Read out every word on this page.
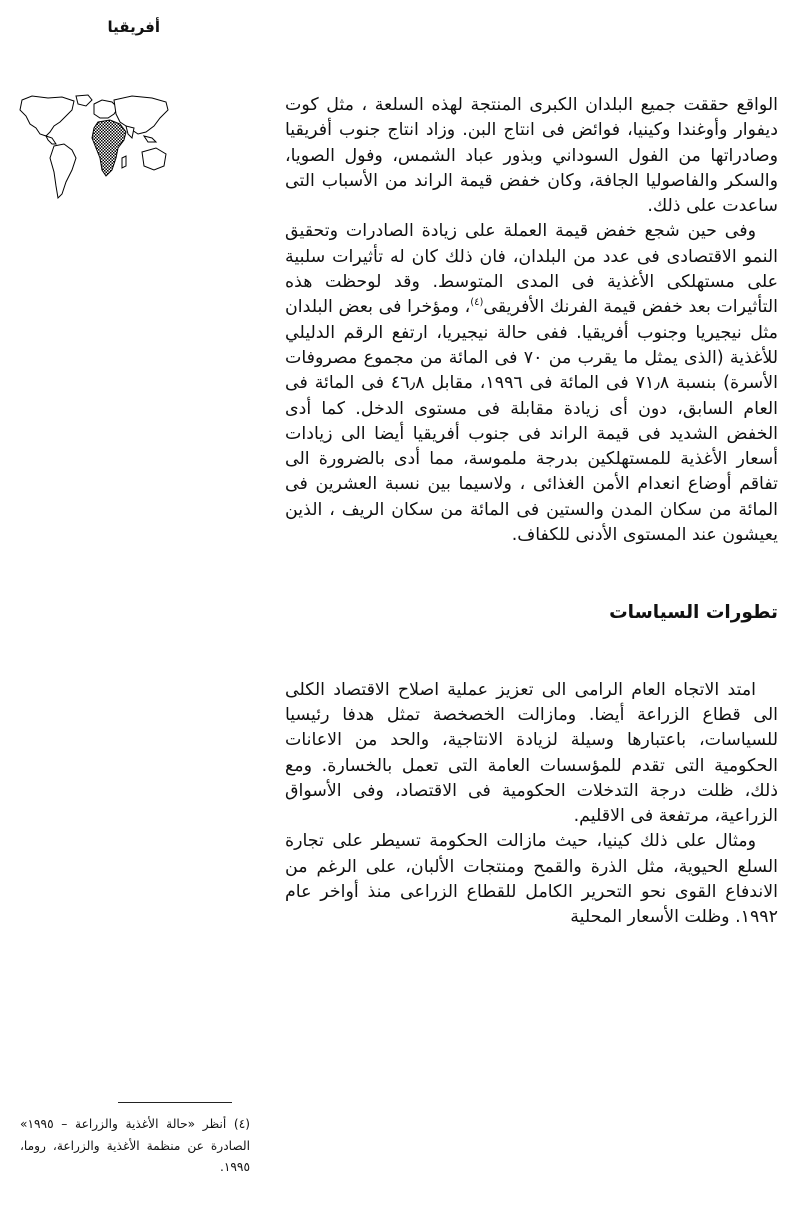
أفريقيا

الواقع حققت جميع البلدان الكبرى المنتجة لهذه السلعة ، مثل كوت ديفوار وأوغندا وكينيا، فوائض فى انتاج البن. وزاد انتاج جنوب أفريقيا وصادراتها من الفول السوداني وبذور عباد الشمس، وفول الصويا، والسكر والفاصوليا الجافة، وكان خفض قيمة الراند من الأسباب التى ساعدت على ذلك.

وفى حين شجع خفض قيمة العملة على زيادة الصادرات وتحقيق النمو الاقتصادى فى عدد من البلدان، فان ذلك كان له تأثيرات سلبية على مستهلكى الأغذية فى المدى المتوسط. وقد لوحظت هذه التأثيرات بعد خفض قيمة الفرنك الأفريقى$^{(٤)}$، ومؤخرا فى بعض البلدان مثل نيجيريا وجنوب أفريقيا. ففى حالة نيجيريا، ارتفع الرقم الدليلي للأغذية (الذى يمثل ما يقرب من ٧٠ فى المائة من مجموع مصروفات الأسرة) بنسبة ٧١٫٨ فى المائة فى ١٩٩٦، مقابل ٤٦٫٨ فى المائة فى العام السابق، دون أى زيادة مقابلة فى مستوى الدخل. كما أدى الخفض الشديد فى قيمة الراند فى جنوب أفريقيا أيضا الى زيادات أسعار الأغذية للمستهلكين بدرجة ملموسة، مما أدى بالضرورة الى تفاقم أوضاع انعدام الأمن الغذائى ، ولاسيما بين نسبة العشرين فى المائة من سكان المدن والستين فى المائة من سكان الريف ، الذين يعيشون عند المستوى الأدنى للكفاف.

تطورات السياسات

امتد الاتجاه العام الرامى الى تعزيز عملية اصلاح الاقتصاد الكلى الى قطاع الزراعة أيضا. ومازالت الخصخصة تمثل هدفا رئيسيا للسياسات، باعتبارها وسيلة لزيادة الانتاجية، والحد من الاعانات الحكومية التى تقدم للمؤسسات العامة التى تعمل بالخسارة. ومع ذلك، ظلت درجة التدخلات الحكومية فى الاقتصاد، وفى الأسواق الزراعية، مرتفعة فى الاقليم.

ومثال على ذلك كينيا، حيث مازالت الحكومة تسيطر على تجارة السلع الحيوية، مثل الذرة والقمح ومنتجات الألبان، على الرغم من الاندفاع القوى نحو التحرير الكامل للقطاع الزراعى منذ أواخر عام ١٩٩٢. وظلت الأسعار المحلية

(٤) أنظر «حالة الأغذية والزراعة – ١٩٩٥» الصادرة عن منظمة الأغذية والزراعة، روما، ١٩٩٥.
